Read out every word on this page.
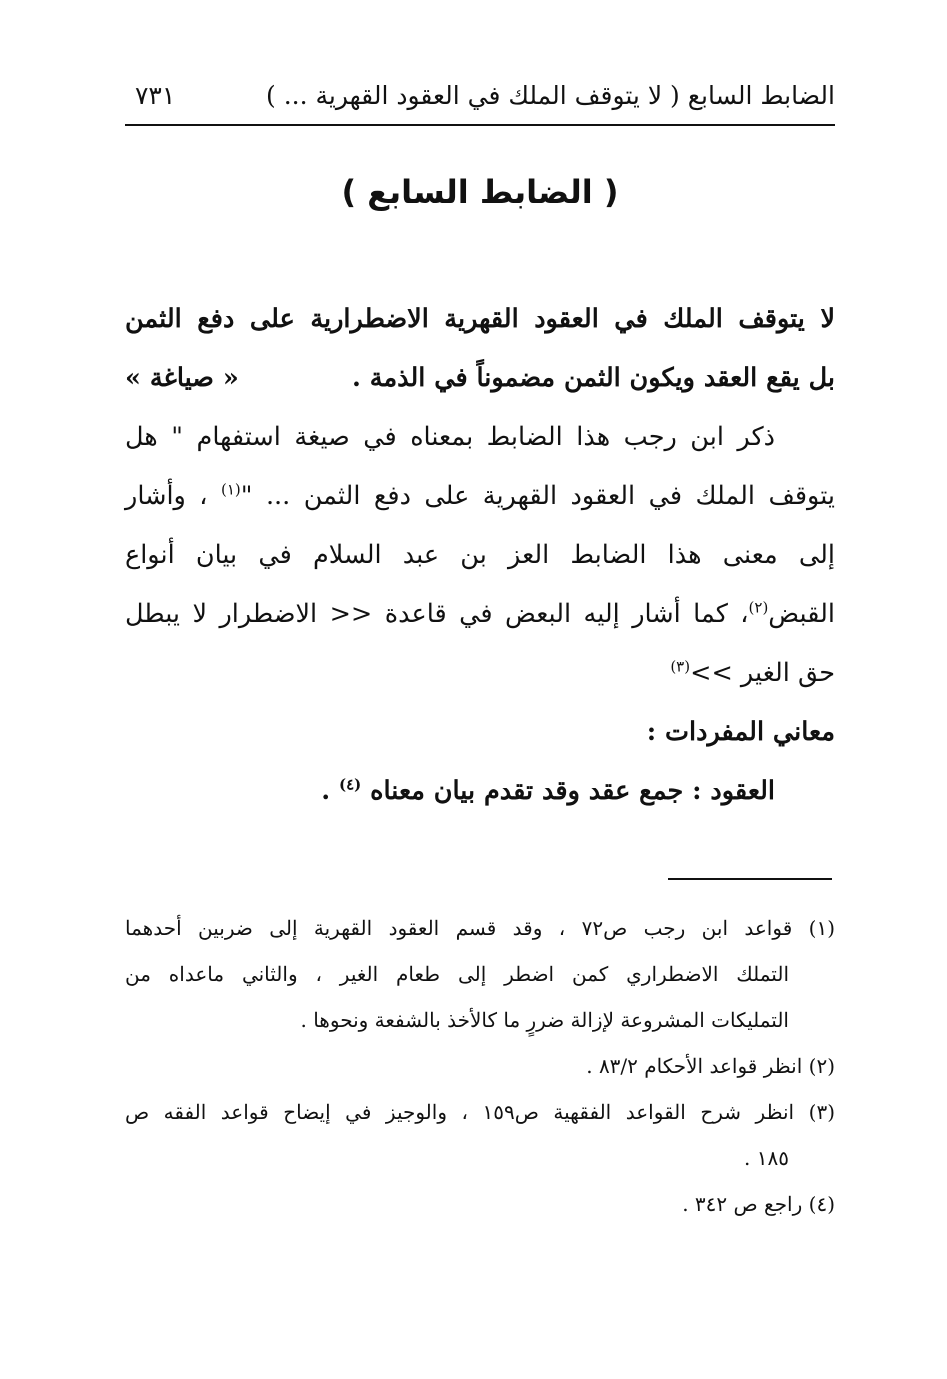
الضابط السابع ( لا يتوقف الملك في العقود القهرية ... )
٧٣١
( الضابط السابع )
لا يتوقف الملك في العقود القهرية الاضطرارية على دفع الثمن
بل يقع العقد ويكون الثمن مضموناً في الذمة .
« صياغة »
ذكر ابن رجب هذا الضابط بمعناه في صيغة استفهام " هل
يتوقف الملك في العقود القهرية على دفع الثمن ... "$^{(١)}$ ، وأشار
إلى معنى هذا الضابط العز بن عبد السلام في بيان أنواع
القبض$^{(٢)}$، كما أشار إليه البعض في قاعدة << الاضطرار لا يبطل
حق الغير >>$^{(٣)}$
معاني المفردات :
العقود : جمع عقد وقد تقدم بيان معناه $^{(٤)}$ .
(١) قواعد ابن رجب ص٧٢ ، وقد قسم العقود القهرية إلى ضربين أحدهما
التملك الاضطراري كمن اضطر إلى طعام الغير ، والثاني ماعداه من
التمليكات المشروعة لإزالة ضررٍ ما كالأخذ بالشفعة ونحوها .
(٢) انظر قواعد الأحكام ٨٣/٢ .
(٣) انظر شرح القواعد الفقهية ص١٥٩ ، والوجيز في إيضاح قواعد الفقه ص
١٨٥ .
(٤) راجع ص ٣٤٢ .
